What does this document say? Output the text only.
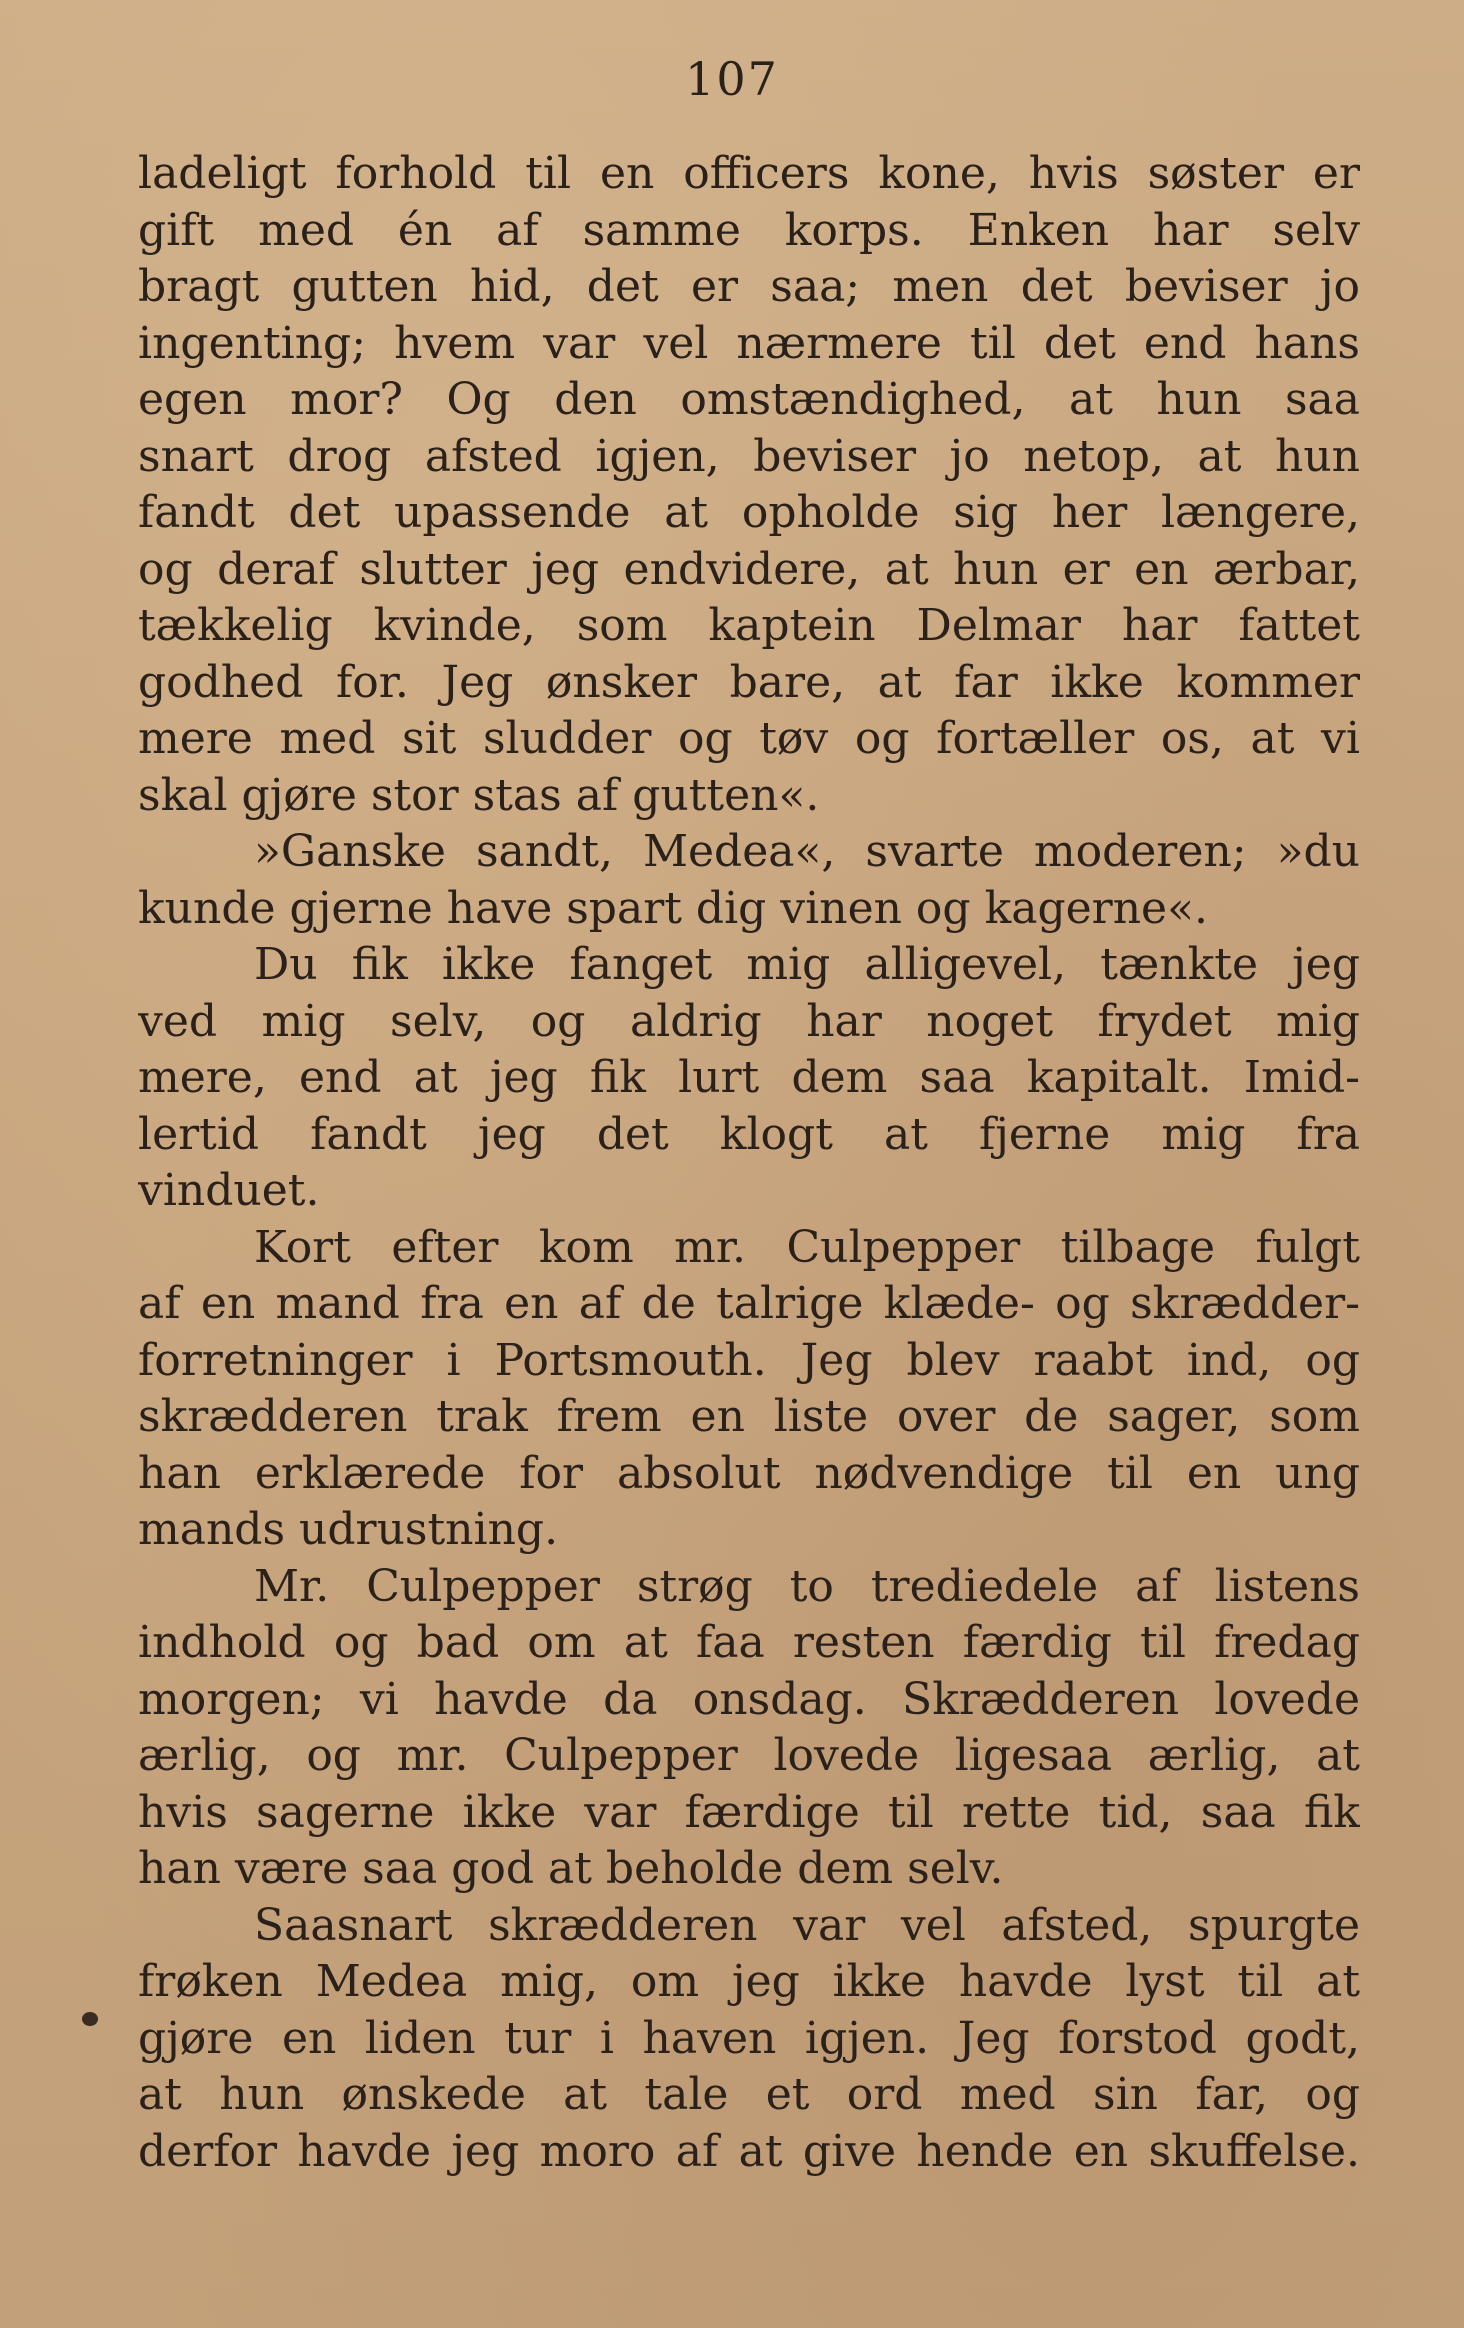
107
ladeligt forhold til en officers kone, hvis søster er
gift med én af samme korps. Enken har selv
bragt gutten hid, det er saa; men det beviser jo
ingenting; hvem var vel nærmere til det end hans
egen mor? Og den omstændighed, at hun saa
snart drog afsted igjen, beviser jo netop, at hun
fandt det upassende at opholde sig her længere,
og deraf slutter jeg endvidere, at hun er en ærbar,
tækkelig kvinde, som kaptein Delmar har fattet
godhed for. Jeg ønsker bare, at far ikke kommer
mere med sit sludder og tøv og fortæller os, at vi
skal gjøre stor stas af gutten«.
»Ganske sandt, Medea«, svarte moderen; »du
kunde gjerne have spart dig vinen og kagerne«.
Du fik ikke fanget mig alligevel, tænkte jeg
ved mig selv, og aldrig har noget frydet mig
mere, end at jeg fik lurt dem saa kapitalt. Imid-
lertid fandt jeg det klogt at fjerne mig fra
vinduet.
Kort efter kom mr. Culpepper tilbage fulgt
af en mand fra en af de talrige klæde- og skrædder-
forretninger i Portsmouth. Jeg blev raabt ind, og
skrædderen trak frem en liste over de sager, som
han erklærede for absolut nødvendige til en ung
mands udrustning.
Mr. Culpepper strøg to trediedele af listens
indhold og bad om at faa resten færdig til fredag
morgen; vi havde da onsdag. Skrædderen lovede
ærlig, og mr. Culpepper lovede ligesaa ærlig, at
hvis sagerne ikke var færdige til rette tid, saa fik
han være saa god at beholde dem selv.
Saasnart skrædderen var vel afsted, spurgte
frøken Medea mig, om jeg ikke havde lyst til at
gjøre en liden tur i haven igjen. Jeg forstod godt,
at hun ønskede at tale et ord med sin far, og
derfor havde jeg moro af at give hende en skuffelse.
